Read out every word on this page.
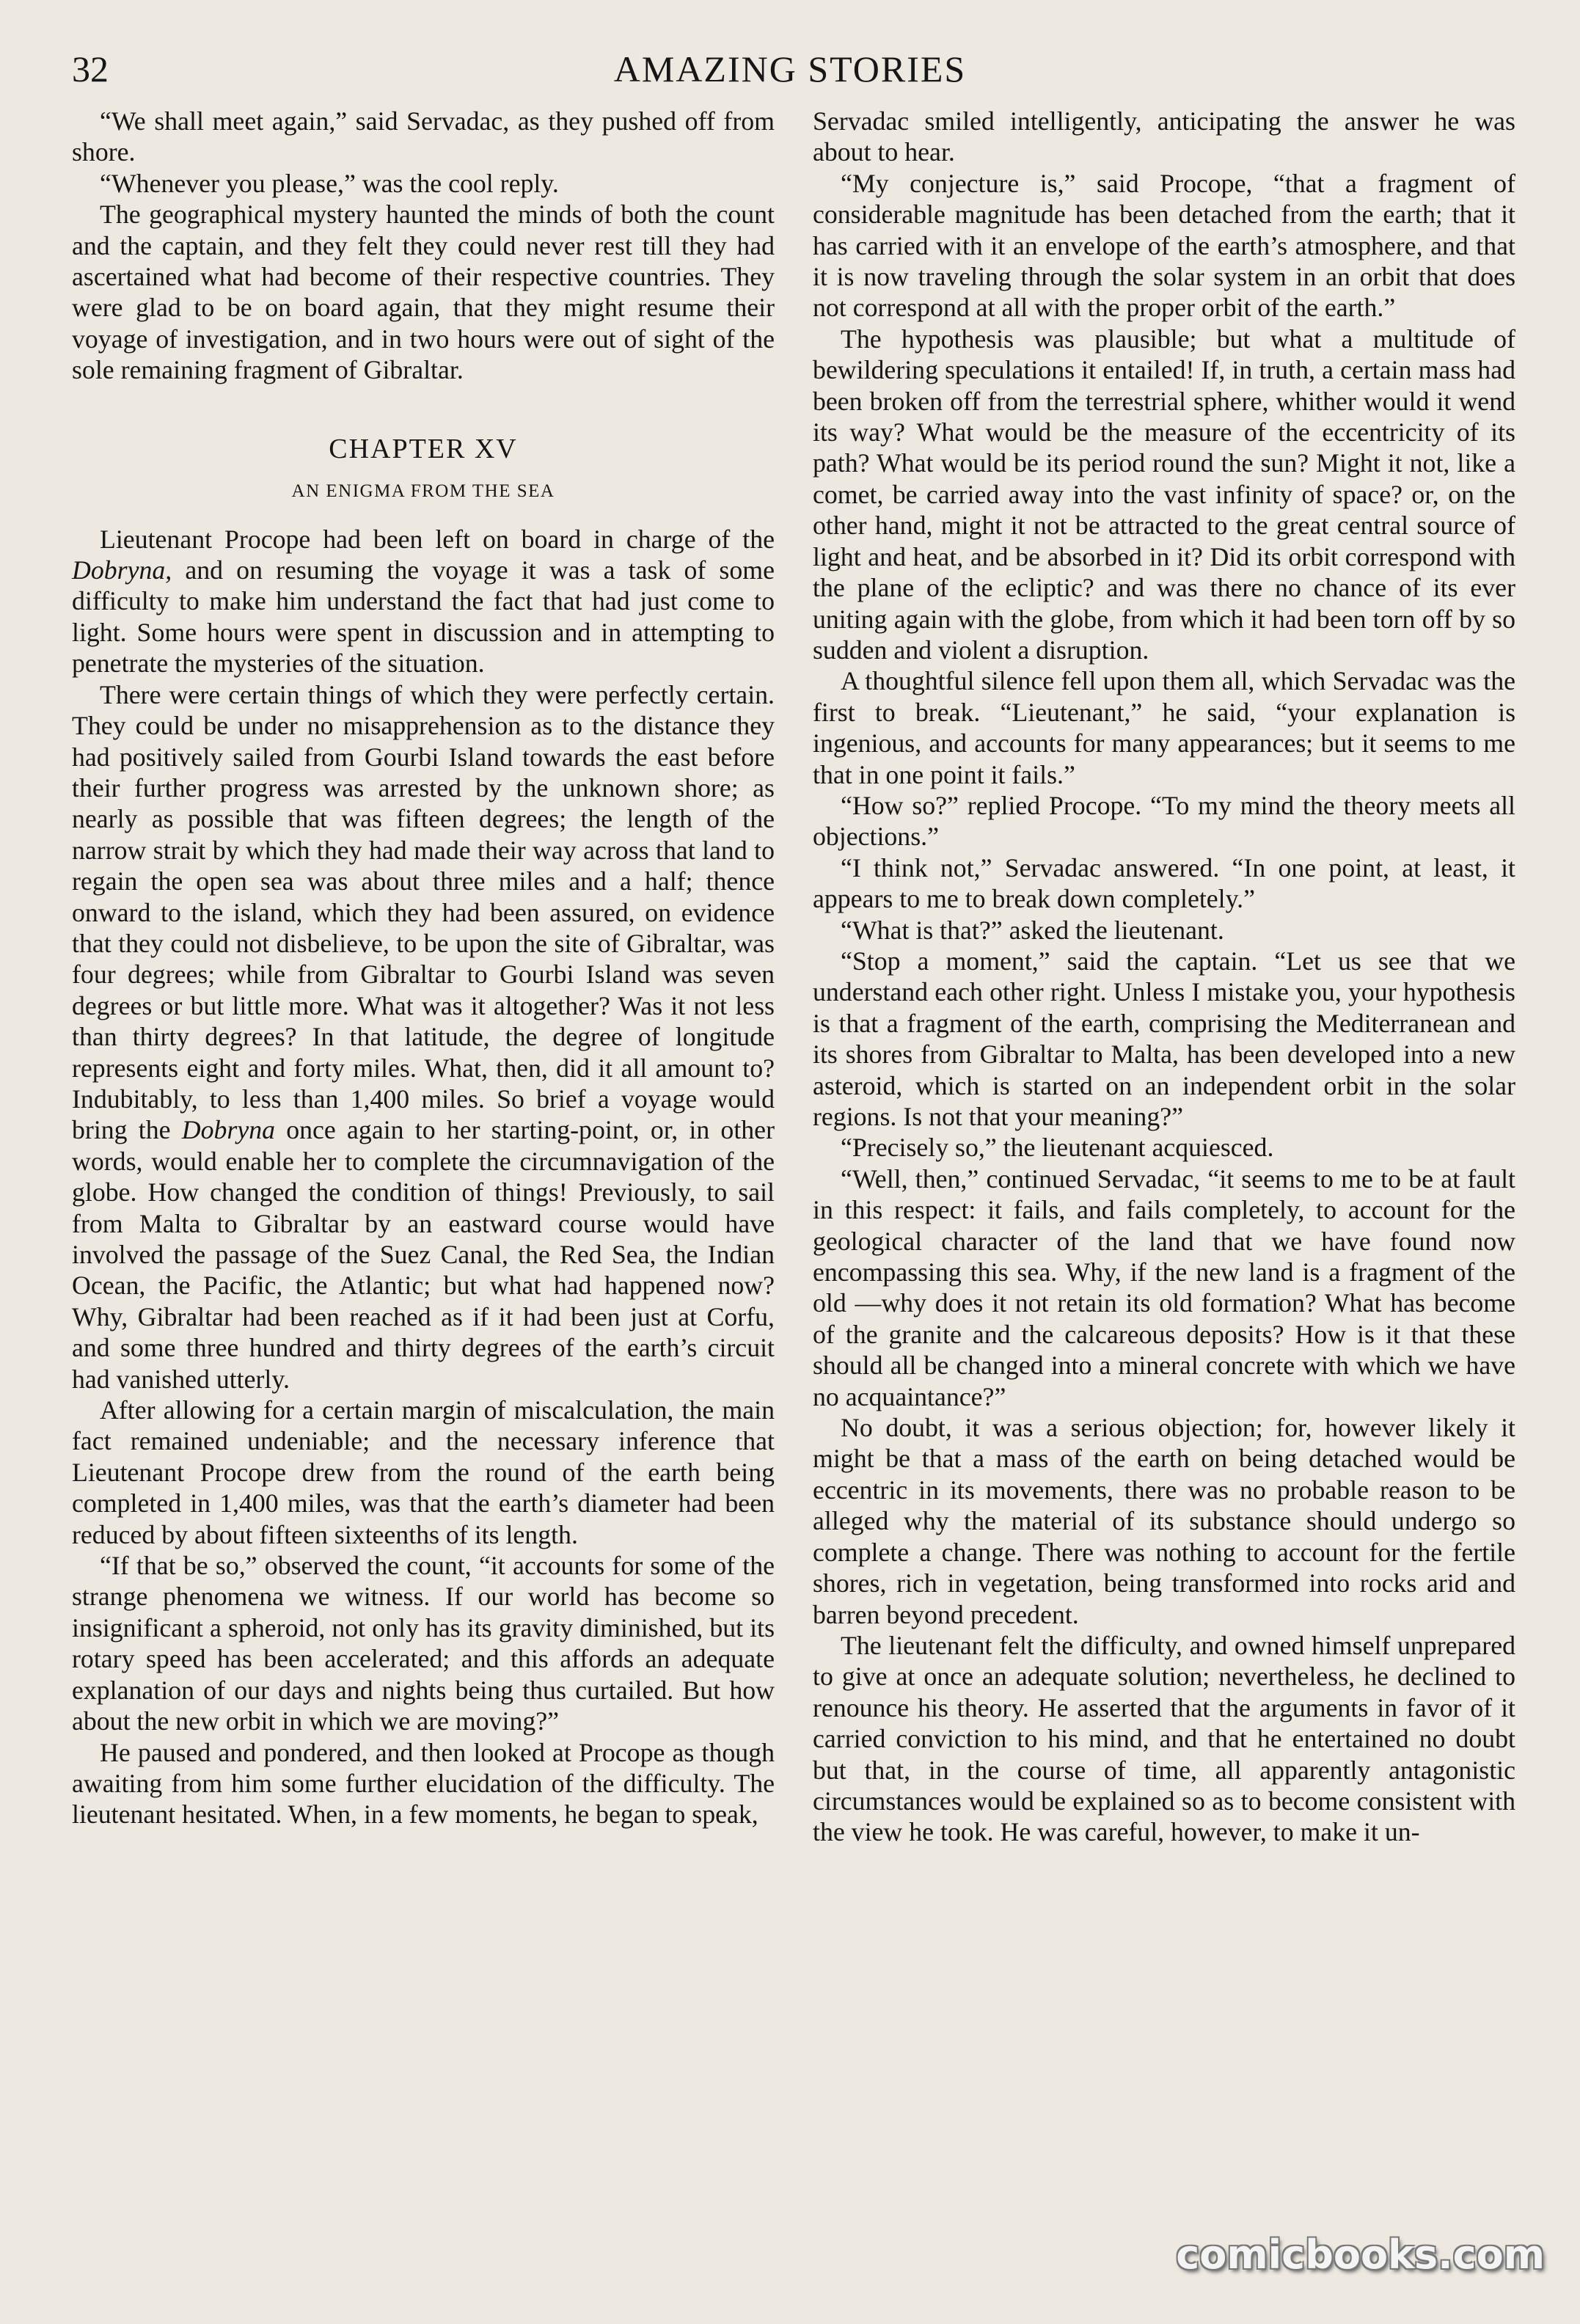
32	AMAZING STORIES

“We shall meet again,” said Servadac, as they pushed off from shore.

“Whenever you please,” was the cool reply.

The geographical mystery haunted the minds of both the count and the captain, and they felt they could never rest till they had ascertained what had become of their respective countries. They were glad to be on board again, that they might resume their voyage of investigation, and in two hours were out of sight of the sole remaining fragment of Gibraltar.

CHAPTER XV
AN ENIGMA FROM THE SEA

Lieutenant Procope had been left on board in charge of the Dobryna, and on resuming the voyage it was a task of some difficulty to make him understand the fact that had just come to light. Some hours were spent in discussion and in attempting to penetrate the mysteries of the situation.

There were certain things of which they were perfectly certain. They could be under no misapprehension as to the distance they had positively sailed from Gourbi Island towards the east before their further progress was arrested by the unknown shore; as nearly as possible that was fifteen degrees; the length of the narrow strait by which they had made their way across that land to regain the open sea was about three miles and a half; thence onward to the island, which they had been assured, on evidence that they could not disbelieve, to be upon the site of Gibraltar, was four degrees; while from Gibraltar to Gourbi Island was seven degrees or but little more. What was it altogether? Was it not less than thirty degrees? In that latitude, the degree of longitude represents eight and forty miles. What, then, did it all amount to? Indubitably, to less than 1,400 miles. So brief a voyage would bring the Dobryna once again to her starting-point, or, in other words, would enable her to complete the circumnavigation of the globe. How changed the condition of things! Previously, to sail from Malta to Gibraltar by an eastward course would have involved the passage of the Suez Canal, the Red Sea, the Indian Ocean, the Pacific, the Atlantic; but what had happened now? Why, Gibraltar had been reached as if it had been just at Corfu, and some three hundred and thirty degrees of the earth’s circuit had vanished utterly.

After allowing for a certain margin of miscalculation, the main fact remained undeniable; and the necessary inference that Lieutenant Procope drew from the round of the earth being completed in 1,400 miles, was that the earth’s diameter had been reduced by about fifteen sixteenths of its length.

“If that be so,” observed the count, “it accounts for some of the strange phenomena we witness. If our world has become so insignificant a spheroid, not only has its gravity diminished, but its rotary speed has been accelerated; and this affords an adequate explanation of our days and nights being thus curtailed. But how about the new orbit in which we are moving?”

He paused and pondered, and then looked at Procope as though awaiting from him some further elucidation of the difficulty. The lieutenant hesitated. When, in a few moments, he began to speak,

Servadac smiled intelligently, anticipating the answer he was about to hear.

“My conjecture is,” said Procope, “that a fragment of considerable magnitude has been detached from the earth; that it has carried with it an envelope of the earth’s atmosphere, and that it is now traveling through the solar system in an orbit that does not correspond at all with the proper orbit of the earth.”

The hypothesis was plausible; but what a multitude of bewildering speculations it entailed! If, in truth, a certain mass had been broken off from the terrestrial sphere, whither would it wend its way? What would be the measure of the eccentricity of its path? What would be its period round the sun? Might it not, like a comet, be carried away into the vast infinity of space? or, on the other hand, might it not be attracted to the great central source of light and heat, and be absorbed in it? Did its orbit correspond with the plane of the ecliptic? and was there no chance of its ever uniting again with the globe, from which it had been torn off by so sudden and violent a disruption.

A thoughtful silence fell upon them all, which Servadac was the first to break. “Lieutenant,” he said, “your explanation is ingenious, and accounts for many appearances; but it seems to me that in one point it fails.”

“How so?” replied Procope. “To my mind the theory meets all objections.”

“I think not,” Servadac answered. “In one point, at least, it appears to me to break down completely.”

“What is that?” asked the lieutenant.

“Stop a moment,” said the captain. “Let us see that we understand each other right. Unless I mistake you, your hypothesis is that a fragment of the earth, comprising the Mediterranean and its shores from Gibraltar to Malta, has been developed into a new asteroid, which is started on an independent orbit in the solar regions. Is not that your meaning?”

“Precisely so,” the lieutenant acquiesced.

“Well, then,” continued Servadac, “it seems to me to be at fault in this respect: it fails, and fails completely, to account for the geological character of the land that we have found now encompassing this sea. Why, if the new land is a fragment of the old —why does it not retain its old formation? What has become of the granite and the calcareous deposits? How is it that these should all be changed into a mineral concrete with which we have no acquaintance?”

No doubt, it was a serious objection; for, however likely it might be that a mass of the earth on being detached would be eccentric in its movements, there was no probable reason to be alleged why the material of its substance should undergo so complete a change. There was nothing to account for the fertile shores, rich in vegetation, being transformed into rocks arid and barren beyond precedent.

The lieutenant felt the difficulty, and owned himself unprepared to give at once an adequate solution; nevertheless, he declined to renounce his theory. He asserted that the arguments in favor of it carried conviction to his mind, and that he entertained no doubt but that, in the course of time, all apparently antagonistic circumstances would be explained so as to become consistent with the view he took. He was careful, however, to make it un-

comicbooks.com
